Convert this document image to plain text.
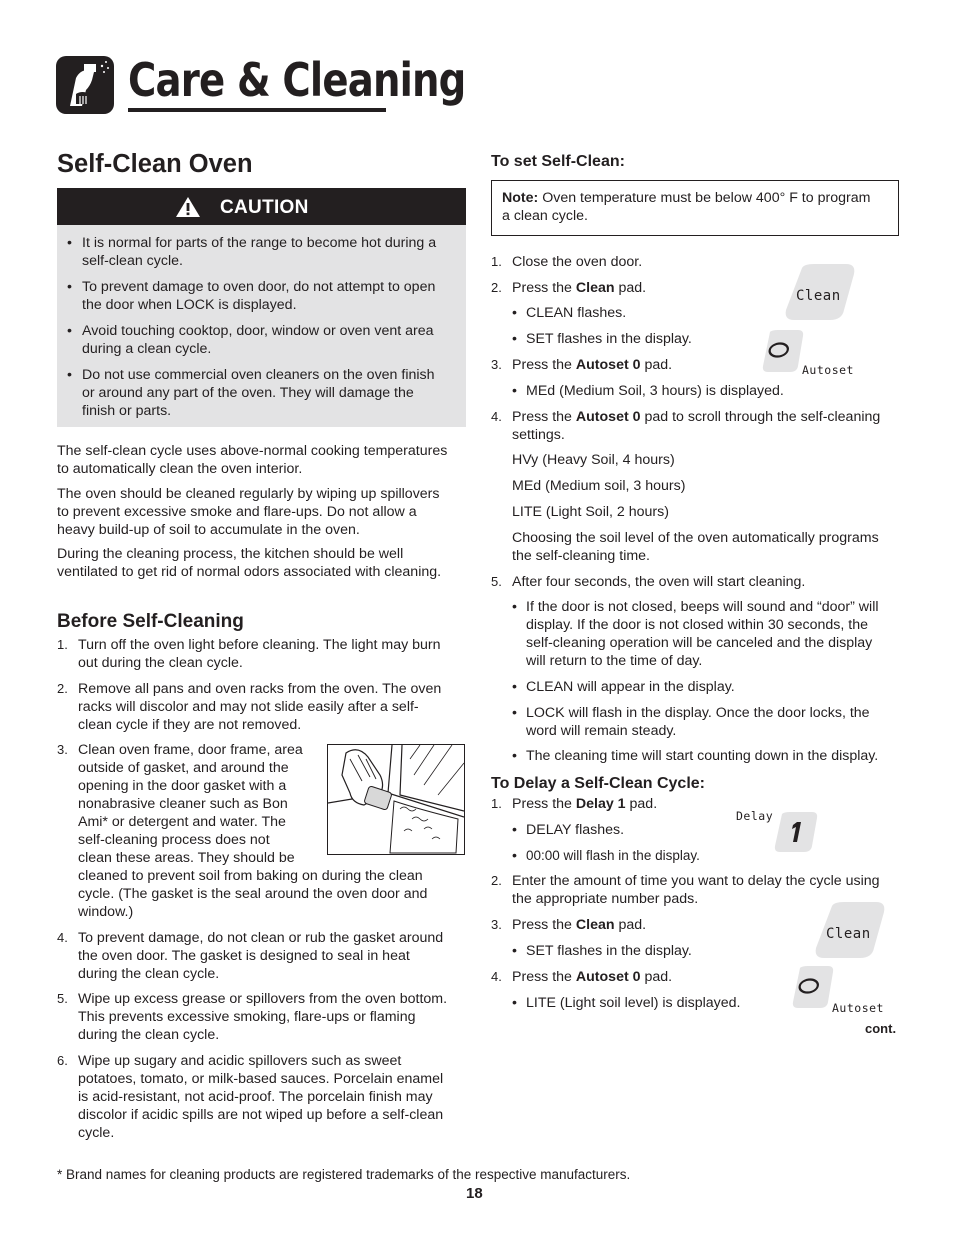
Care & Cleaning
Self-Clean Oven
CAUTION
• It is normal for parts of the range to become hot during a
self-clean cycle.
• To prevent damage to oven door, do not attempt to open
the door when LOCK is displayed.
• Avoid touching cooktop, door, window or oven vent area
during a clean cycle.
• Do not use commercial oven cleaners on the oven finish
or around any part of the oven. They will damage the
finish or parts.
The self-clean cycle uses above-normal cooking temperatures
to automatically clean the oven interior.
The oven should be cleaned regularly by wiping up spillovers
to prevent excessive smoke and flare-ups. Do not allow a
heavy build-up of soil to accumulate in the oven.
During the cleaning process, the kitchen should be well
ventilated to get rid of normal odors associated with cleaning.
Before Self-Cleaning
1. Turn off the oven light before cleaning. The light may burn
out during the clean cycle.
2. Remove all pans and oven racks from the oven. The oven
racks will discolor and may not slide easily after a self-
clean cycle if they are not removed.
3. Clean oven frame, door frame, area
outside of gasket, and around the
opening in the door gasket with a
nonabrasive cleaner such as Bon
Ami* or detergent and water. The
self-cleaning process does not
clean these areas. They should be
cleaned to prevent soil from baking on during the clean
cycle. (The gasket is the seal around the oven door and
window.)
4. To prevent damage, do not clean or rub the gasket around
the oven door. The gasket is designed to seal in heat
during the clean cycle.
5. Wipe up excess grease or spillovers from the oven bottom.
This prevents excessive smoking, flare-ups or flaming
during the clean cycle.
6. Wipe up sugary and acidic spillovers such as sweet
potatoes, tomato, or milk-based sauces. Porcelain enamel
is acid-resistant, not acid-proof. The porcelain finish may
discolor if acidic spills are not wiped up before a self-clean
cycle.
To set Self-Clean:
Note: Oven temperature must be below 400° F to program
a clean cycle.
1. Close the oven door.
2. Press the Clean pad.
• CLEAN flashes.
• SET flashes in the display.
3. Press the Autoset 0 pad.
• MEd (Medium Soil, 3 hours) is displayed.
4. Press the Autoset 0 pad to scroll through the self-cleaning
settings.
HVy (Heavy Soil, 4 hours)
MEd (Medium soil, 3 hours)
LITE (Light Soil, 2 hours)
Choosing the soil level of the oven automatically programs
the self-cleaning time.
5. After four seconds, the oven will start cleaning.
• If the door is not closed, beeps will sound and “door” will
display. If the door is not closed within 30 seconds, the
self-cleaning operation will be canceled and the display
will return to the time of day.
• CLEAN will appear in the display.
• LOCK will flash in the display. Once the door locks, the
word will remain steady.
• The cleaning time will start counting down in the display.
To Delay a Self-Clean Cycle:
1. Press the Delay 1 pad.
• DELAY flashes.
• 00:00 will flash in the display.
2. Enter the amount of time you want to delay the cycle using
the appropriate number pads.
3. Press the Clean pad.
• SET flashes in the display.
4. Press the Autoset 0 pad.
• LITE (Light soil level) is displayed.
Clean
Autoset
Delay
Clean
Autoset
cont.
* Brand names for cleaning products are registered trademarks of the respective manufacturers.
18
